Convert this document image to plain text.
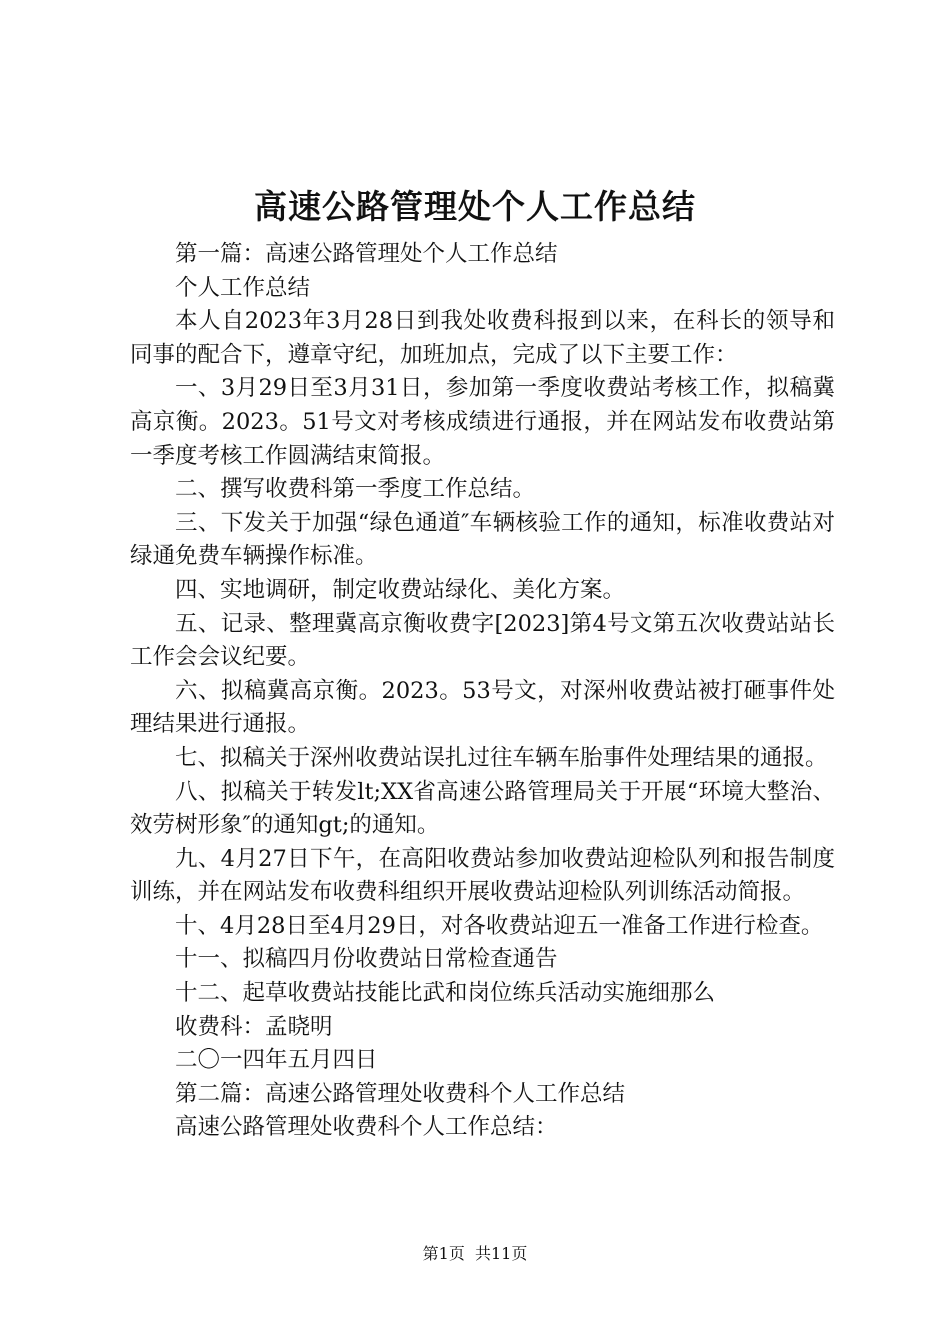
高速公路管理处个人工作总结

第一篇：高速公路管理处个人工作总结

个人工作总结

本人自2023年3月28日到我处收费科报到以来，在科长的领导和同事的配合下，遵章守纪，加班加点，完成了以下主要工作：

一、3月29日至3月31日，参加第一季度收费站考核工作，拟稿冀高京衡。2023。51号文对考核成绩进行通报，并在网站发布收费站第一季度考核工作圆满结束简报。

二、撰写收费科第一季度工作总结。

三、下发关于加强“绿色通道″车辆核验工作的通知，标准收费站对绿通免费车辆操作标准。

四、实地调研，制定收费站绿化、美化方案。

五、记录、整理冀高京衡收费字[2023]第4号文第五次收费站站长工作会会议纪要。

六、拟稿冀高京衡。2023。53号文，对深州收费站被打砸事件处理结果进行通报。

七、拟稿关于深州收费站误扎过往车辆车胎事件处理结果的通报。

八、拟稿关于转发lt;XX省高速公路管理局关于开展“环境大整治、效劳树形象″的通知gt;的通知。

九、4月27日下午，在高阳收费站参加收费站迎检队列和报告制度训练，并在网站发布收费科组织开展收费站迎检队列训练活动简报。

十、4月28日至4月29日，对各收费站迎五一准备工作进行检查。

十一、拟稿四月份收费站日常检查通告

十二、起草收费站技能比武和岗位练兵活动实施细那么

收费科：孟晓明

二〇一四年五月四日

第二篇：高速公路管理处收费科个人工作总结

高速公路管理处收费科个人工作总结：

第1页  共11页
